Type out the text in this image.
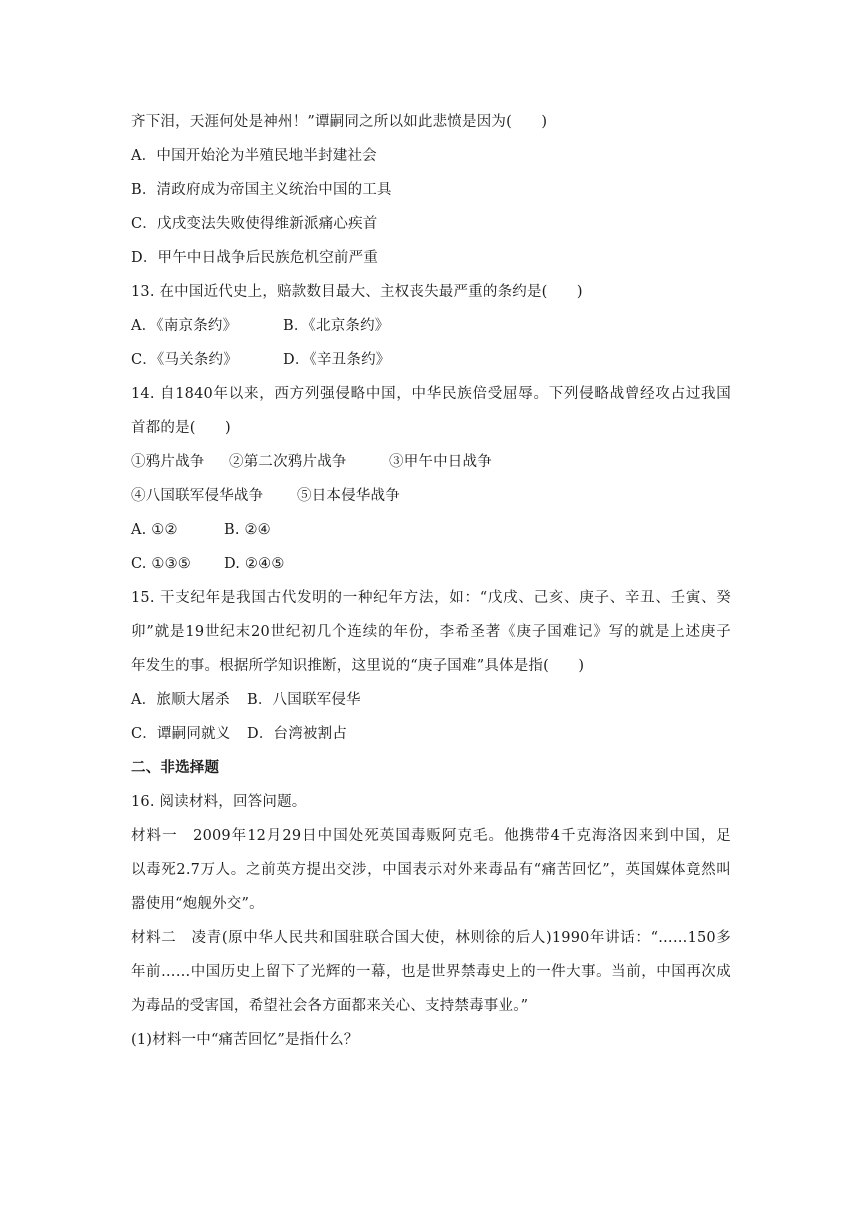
齐下泪，天涯何处是神州！”谭嗣同之所以如此悲愤是因为(　　)
A．中国开始沦为半殖民地半封建社会
B．清政府成为帝国主义统治中国的工具
C．戊戌变法失败使得维新派痛心疾首
D．甲午中日战争后民族危机空前严重
13. 在中国近代史上，赔款数目最大、主权丧失最严重的条约是(　　)
A．《南京条约》	B．《北京条约》
C．《马关条约》	D．《辛丑条约》
14. 自1840年以来，西方列强侵略中国，中华民族倍受屈辱。下列侵略战曾经攻占过我国
首都的是(　　)
①鸦片战争 ②第二次鸦片战争	③甲午中日战争
④八国联军侵华战争 ⑤日本侵华战争
A. ①②	B. ②④
C. ①③⑤ D. ②④⑤
15. 干支纪年是我国古代发明的一种纪年方法，如：“戊戌、己亥、庚子、辛丑、壬寅、癸
卯”就是19世纪末20世纪初几个连续的年份，李希圣著《庚子国难记》写的就是上述庚子
年发生的事。根据所学知识推断，这里说的“庚子国难”具体是指(　　)
A．旅顺大屠杀 B．八国联军侵华
C．谭嗣同就义 D．台湾被割占
二、非选择题
16. 阅读材料，回答问题。
材料一　2009年12月29日中国处死英国毒贩阿克毛。他携带4千克海洛因来到中国，足
以毒死2.7万人。之前英方提出交涉，中国表示对外来毒品有“痛苦回忆”，英国媒体竟然叫
嚣使用“炮舰外交”。
材料二　凌青(原中华人民共和国驻联合国大使，林则徐的后人)1990年讲话：“……150多
年前……中国历史上留下了光辉的一幕，也是世界禁毒史上的一件大事。当前，中国再次成
为毒品的受害国，希望社会各方面都来关心、支持禁毒事业。”
(1)材料一中“痛苦回忆”是指什么？
